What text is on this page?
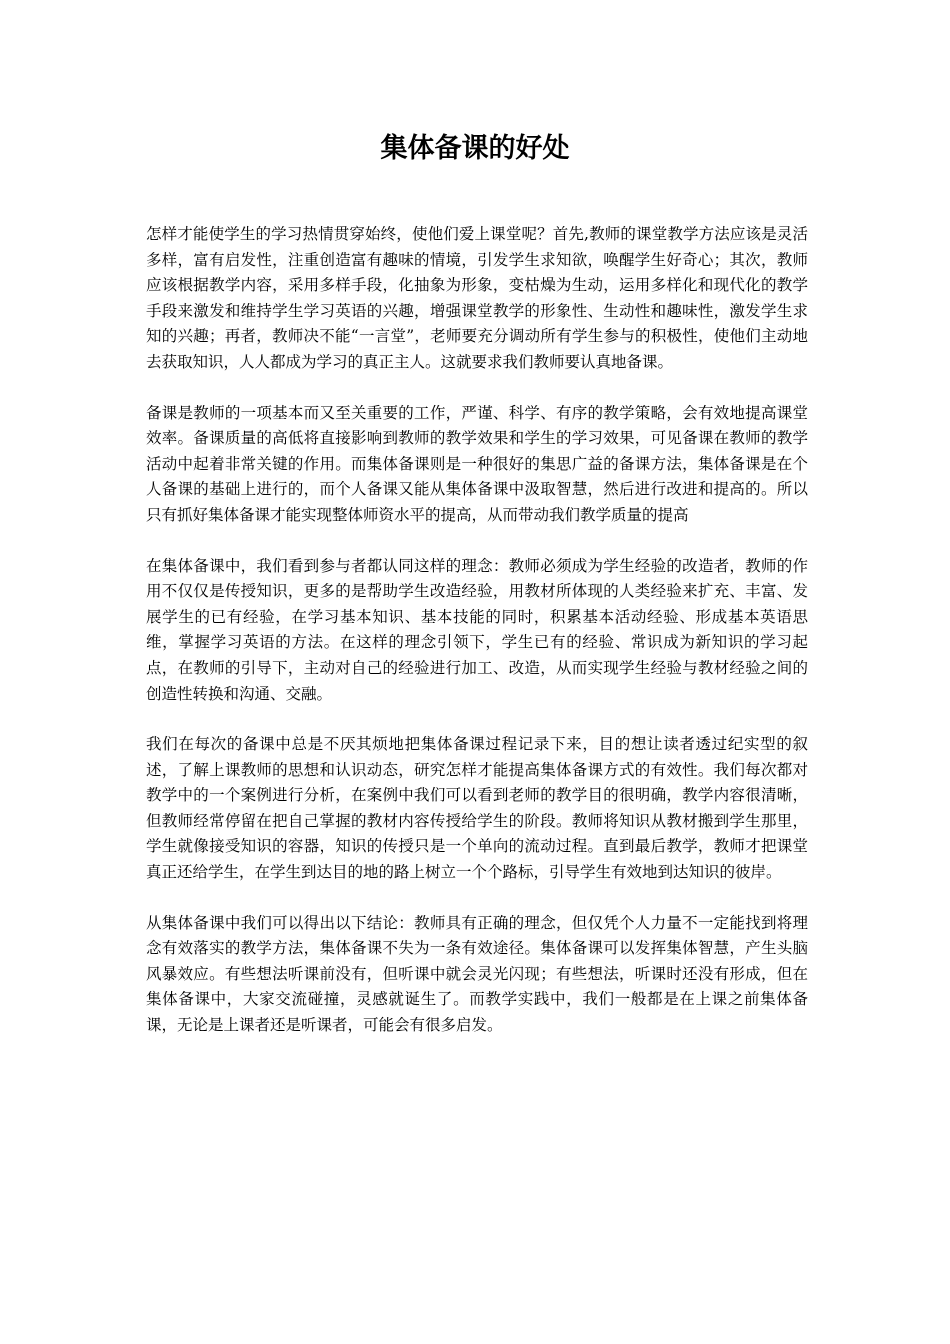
集体备课的好处

怎样才能使学生的学习热情贯穿始终，使他们爱上课堂呢？首先,教师的课堂教学方法应该是灵活多样，富有启发性，注重创造富有趣味的情境，引发学生求知欲，唤醒学生好奇心；其次，教师应该根据教学内容，采用多样手段，化抽象为形象，变枯燥为生动，运用多样化和现代化的教学手段来激发和维持学生学习英语的兴趣，增强课堂教学的形象性、生动性和趣味性，激发学生求知的兴趣；再者，教师决不能“一言堂”，老师要充分调动所有学生参与的积极性，使他们主动地去获取知识，人人都成为学习的真正主人。这就要求我们教师要认真地备课。

备课是教师的一项基本而又至关重要的工作，严谨、科学、有序的教学策略，会有效地提高课堂效率。备课质量的高低将直接影响到教师的教学效果和学生的学习效果，可见备课在教师的教学活动中起着非常关键的作用。而集体备课则是一种很好的集思广益的备课方法，集体备课是在个人备课的基础上进行的，而个人备课又能从集体备课中汲取智慧，然后进行改进和提高的。所以只有抓好集体备课才能实现整体师资水平的提高，从而带动我们教学质量的提高

在集体备课中，我们看到参与者都认同这样的理念：教师必须成为学生经验的改造者，教师的作用不仅仅是传授知识，更多的是帮助学生改造经验，用教材所体现的人类经验来扩充、丰富、发展学生的已有经验，在学习基本知识、基本技能的同时，积累基本活动经验、形成基本英语思维，掌握学习英语的方法。在这样的理念引领下，学生已有的经验、常识成为新知识的学习起点，在教师的引导下，主动对自己的经验进行加工、改造，从而实现学生经验与教材经验之间的创造性转换和沟通、交融。

我们在每次的备课中总是不厌其烦地把集体备课过程记录下来，目的想让读者透过纪实型的叙述，了解上课教师的思想和认识动态，研究怎样才能提高集体备课方式的有效性。我们每次都对教学中的一个案例进行分析，在案例中我们可以看到老师的教学目的很明确，教学内容很清晰，但教师经常停留在把自己掌握的教材内容传授给学生的阶段。教师将知识从教材搬到学生那里，学生就像接受知识的容器，知识的传授只是一个单向的流动过程。直到最后教学，教师才把课堂真正还给学生，在学生到达目的地的路上树立一个个路标，引导学生有效地到达知识的彼岸。

从集体备课中我们可以得出以下结论：教师具有正确的理念，但仅凭个人力量不一定能找到将理念有效落实的教学方法，集体备课不失为一条有效途径。集体备课可以发挥集体智慧，产生头脑风暴效应。有些想法听课前没有，但听课中就会灵光闪现；有些想法，听课时还没有形成，但在集体备课中，大家交流碰撞，灵感就诞生了。而教学实践中，我们一般都是在上课之前集体备课，无论是上课者还是听课者，可能会有很多启发。
